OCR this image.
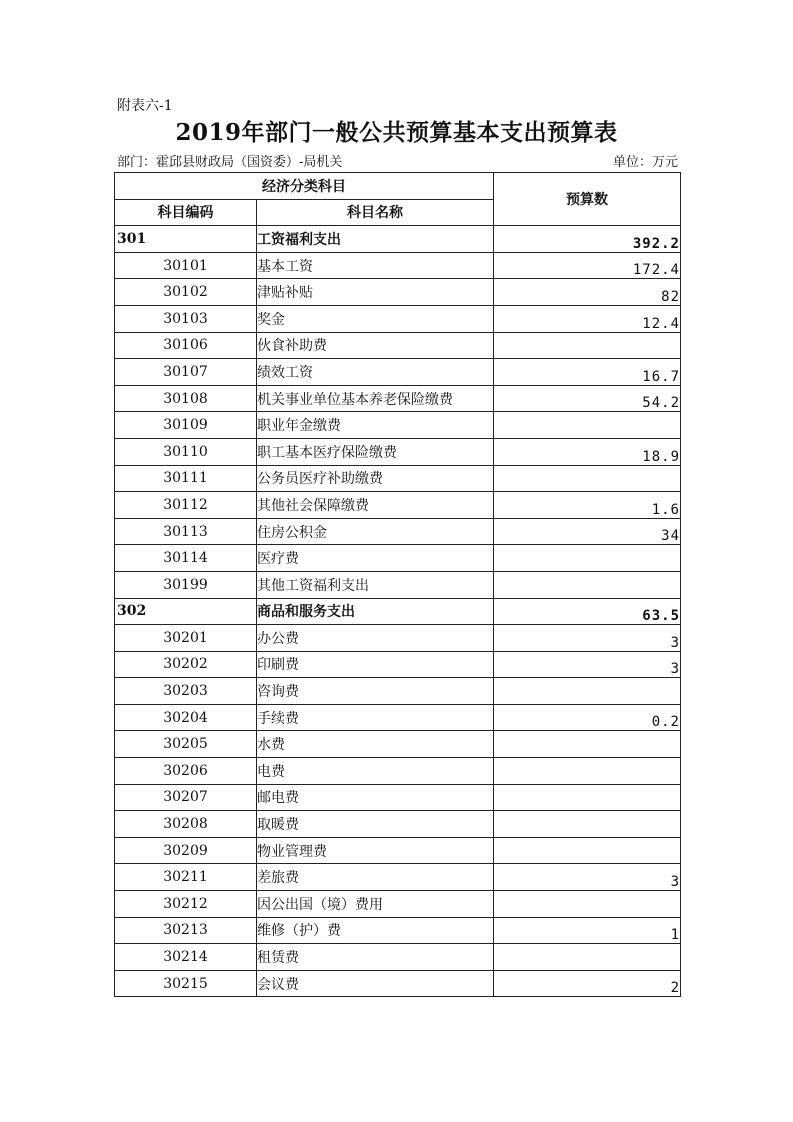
附表六-1
2019年部门一般公共预算基本支出预算表
部门：霍邱县财政局（国资委）-局机关	单位：万元
经济分类科目		预算数
科目编码	科目名称	
301	工资福利支出	392.2
30101	基本工资	172.4
30102	津贴补贴	82
30103	奖金	12.4
30106	伙食补助费	
30107	绩效工资	16.7
30108	机关事业单位基本养老保险缴费	54.2
30109	职业年金缴费	
30110	职工基本医疗保险缴费	18.9
30111	公务员医疗补助缴费	
30112	其他社会保障缴费	1.6
30113	住房公积金	34
30114	医疗费	
30199	其他工资福利支出	
302	商品和服务支出	63.5
30201	办公费	3
30202	印刷费	3
30203	咨询费	
30204	手续费	0.2
30205	水费	
30206	电费	
30207	邮电费	
30208	取暖费	
30209	物业管理费	
30211	差旅费	3
30212	因公出国（境）费用	
30213	维修（护）费	1
30214	租赁费	
30215	会议费	2
